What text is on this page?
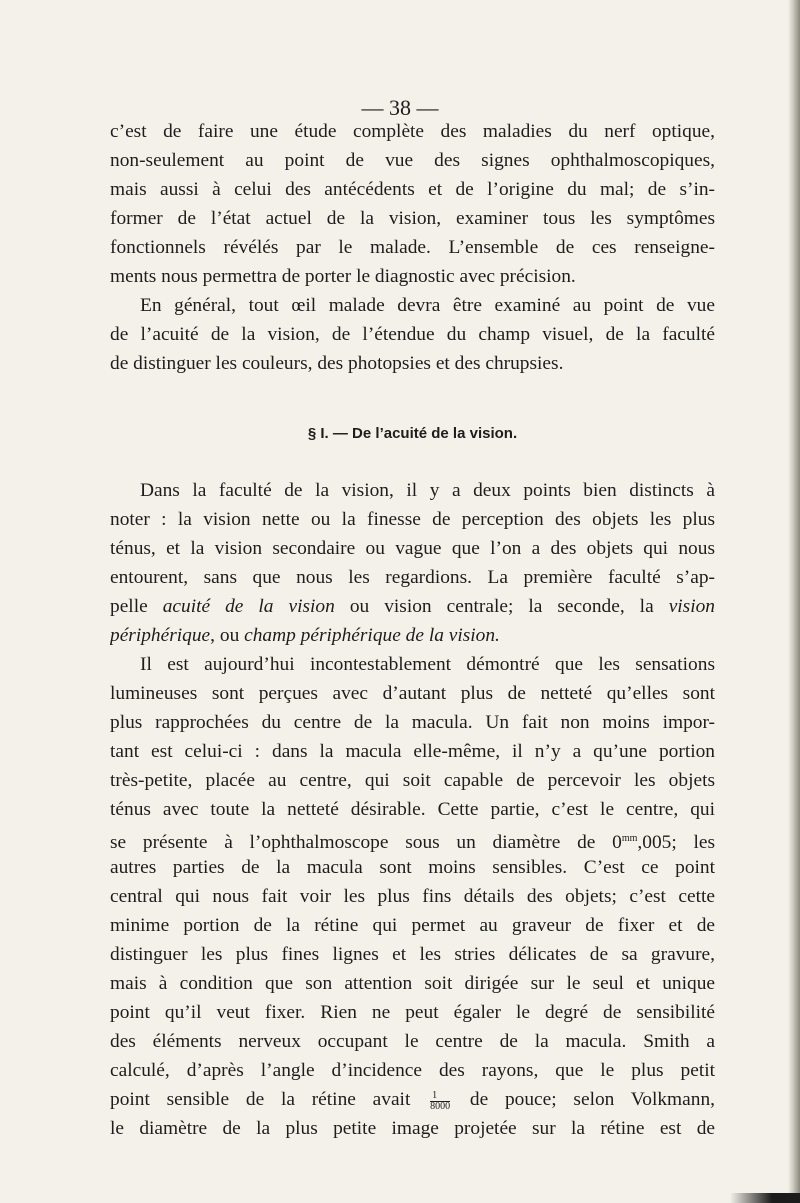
— 38 —
c’est de faire une étude complète des maladies du nerf optique,
non-seulement au point de vue des signes ophthalmoscopiques,
mais aussi à celui des antécédents et de l’origine du mal; de s’in-
former de l’état actuel de la vision, examiner tous les symptômes
fonctionnels révélés par le malade. L’ensemble de ces renseigne-
ments nous permettra de porter le diagnostic avec précision.
En général, tout œil malade devra être examiné au point de vue
de l’acuité de la vision, de l’étendue du champ visuel, de la faculté
de distinguer les couleurs, des photopsies et des chrupsies.
§ I. — De l’acuité de la vision.
Dans la faculté de la vision, il y a deux points bien distincts à
noter : la vision nette ou la finesse de perception des objets les plus
ténus, et la vision secondaire ou vague que l’on a des objets qui nous
entourent, sans que nous les regardions. La première faculté s’ap-
pelle acuité de la vision ou vision centrale; la seconde, la vision
périphérique, ou champ périphérique de la vision.
Il est aujourd’hui incontestablement démontré que les sensations
lumineuses sont perçues avec d’autant plus de netteté qu’elles sont
plus rapprochées du centre de la macula. Un fait non moins impor-
tant est celui-ci : dans la macula elle-même, il n’y a qu’une portion
très-petite, placée au centre, qui soit capable de percevoir les objets
ténus avec toute la netteté désirable. Cette partie, c’est le centre, qui
se présente à l’ophthalmoscope sous un diamètre de $0^{mm},005$; les
autres parties de la macula sont moins sensibles. C’est ce point
central qui nous fait voir les plus fins détails des objets; c’est cette
minime portion de la rétine qui permet au graveur de fixer et de
distinguer les plus fines lignes et les stries délicates de sa gravure,
mais à condition que son attention soit dirigée sur le seul et unique
point qu’il veut fixer. Rien ne peut égaler le degré de sensibilité
des éléments nerveux occupant le centre de la macula. Smith a
calculé, d’après l’angle d’incidence des rayons, que le plus petit
point sensible de la rétine avait $\frac{1}{8000}$ de pouce; selon Volkmann,
le diamètre de la plus petite image projetée sur la rétine est de
